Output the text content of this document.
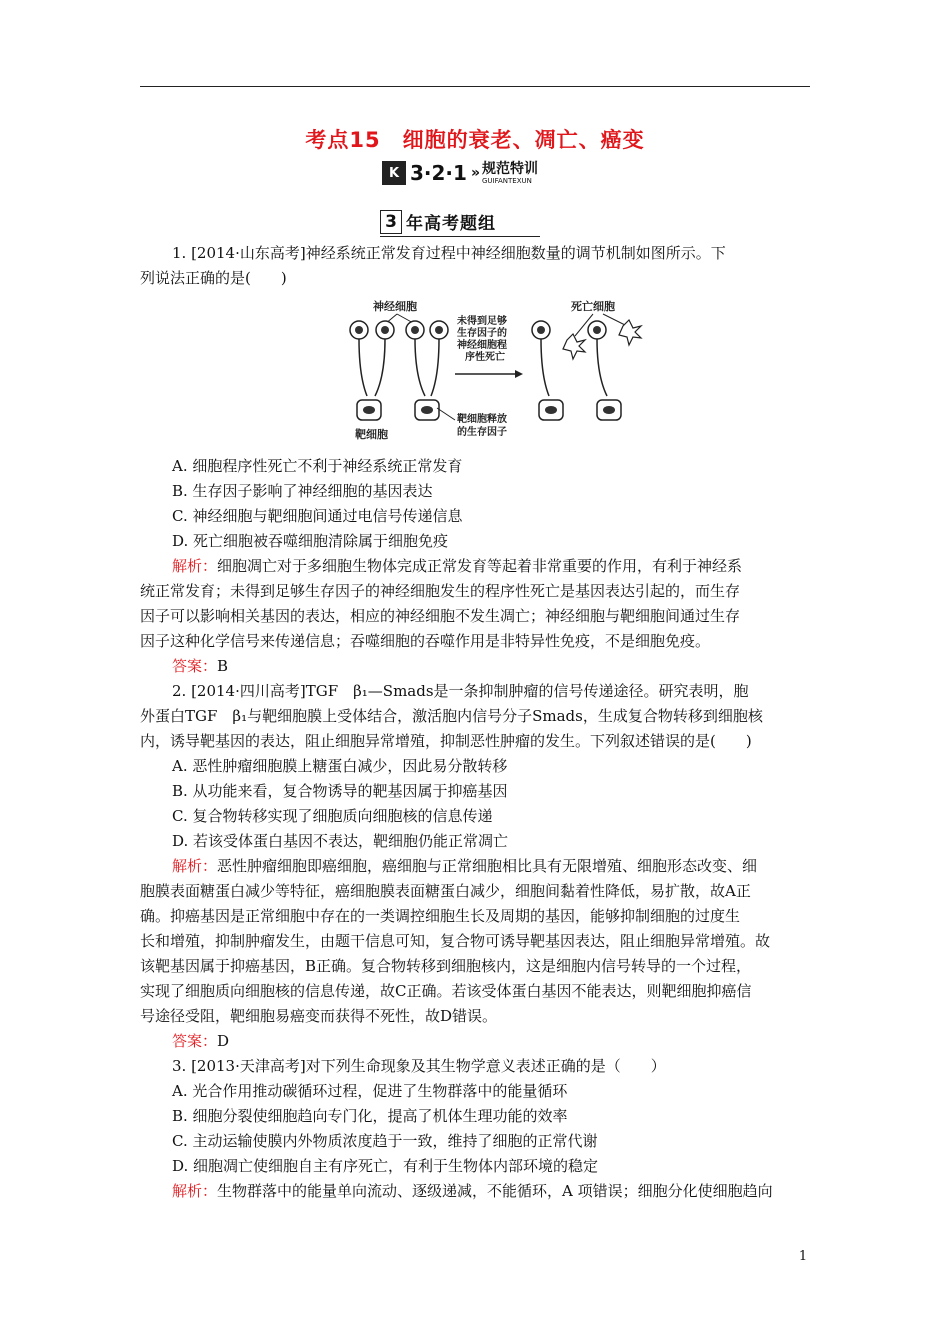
考点15　细胞的衰老、凋亡、癌变
K 3·2·1 » 规范特训
GUIFANTEXUN
3 年高考题组
1. [2014·山东高考]神经系统正常发育过程中神经细胞数量的调节机制如图所示。下
列说法正确的是(　　)
神经细胞	死亡细胞
靶细胞
未得到足够
生存因子的
神经细胞程
序性死亡
靶细胞释放
的生存因子
A. 细胞程序性死亡不利于神经系统正常发育
B. 生存因子影响了神经细胞的基因表达
C. 神经细胞与靶细胞间通过电信号传递信息
D. 死亡细胞被吞噬细胞清除属于细胞免疫
解析：细胞凋亡对于多细胞生物体完成正常发育等起着非常重要的作用，有利于神经系
统正常发育；未得到足够生存因子的神经细胞发生的程序性死亡是基因表达引起的，而生存
因子可以影响相关基因的表达，相应的神经细胞不发生凋亡；神经细胞与靶细胞间通过生存
因子这种化学信号来传递信息；吞噬细胞的吞噬作用是非特异性免疫，不是细胞免疫。
答案：B
2. [2014·四川高考]TGF　β₁—Smads是一条抑制肿瘤的信号传递途径。研究表明，胞
外蛋白TGF　β₁与靶细胞膜上受体结合，激活胞内信号分子Smads，生成复合物转移到细胞核
内，诱导靶基因的表达，阻止细胞异常增殖，抑制恶性肿瘤的发生。下列叙述错误的是(　　)
A. 恶性肿瘤细胞膜上糖蛋白减少，因此易分散转移
B. 从功能来看，复合物诱导的靶基因属于抑癌基因
C. 复合物转移实现了细胞质向细胞核的信息传递
D. 若该受体蛋白基因不表达，靶细胞仍能正常凋亡
解析：恶性肿瘤细胞即癌细胞，癌细胞与正常细胞相比具有无限增殖、细胞形态改变、细
胞膜表面糖蛋白减少等特征，癌细胞膜表面糖蛋白减少，细胞间黏着性降低，易扩散，故A正
确。抑癌基因是正常细胞中存在的一类调控细胞生长及周期的基因，能够抑制细胞的过度生
长和增殖，抑制肿瘤发生，由题干信息可知，复合物可诱导靶基因表达，阻止细胞异常增殖。故
该靶基因属于抑癌基因，B正确。复合物转移到细胞核内，这是细胞内信号转导的一个过程，
实现了细胞质向细胞核的信息传递，故C正确。若该受体蛋白基因不能表达，则靶细胞抑癌信
号途径受阻，靶细胞易癌变而获得不死性，故D错误。
答案：D
3. [2013·天津高考]对下列生命现象及其生物学意义表述正确的是（　　）
A. 光合作用推动碳循环过程，促进了生物群落中的能量循环
B. 细胞分裂使细胞趋向专门化，提高了机体生理功能的效率
C. 主动运输使膜内外物质浓度趋于一致，维持了细胞的正常代谢
D. 细胞凋亡使细胞自主有序死亡，有利于生物体内部环境的稳定
解析：生物群落中的能量单向流动、逐级递减，不能循环，A 项错误；细胞分化使细胞趋向
1
